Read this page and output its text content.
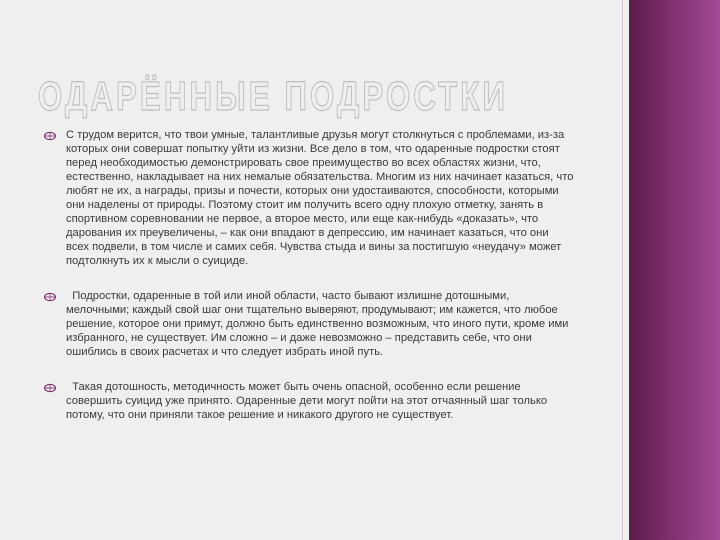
ОДАРЁННЫЕ ПОДРОСТКИ
С трудом верится, что твои умные, талантливые друзья могут столкнуться с проблемами, из-за которых они совершат попытку уйти из жизни. Все дело в том, что одаренные подростки стоят перед необходимостью демонстрировать свое преимущество во всех областях жизни, что, естественно, накладывает на них немалые обязательства. Многим из них начинает казаться, что любят не их, а награды, призы и почести, которых они удостаиваются, способности, которыми они наделены от природы. Поэтому стоит им получить всего одну плохую отметку, занять в спортивном соревновании не первое, а второе место, или еще как-нибудь «доказать», что дарования их преувеличены, – как они впадают в депрессию, им начинает казаться, что они всех подвели, в том числе и самих себя. Чувства стыда и вины за постигшую «неудачу» может подтолкнуть их к мысли о суициде.
Подростки, одаренные в той или иной области, часто бывают излишне дотошными, мелочными; каждый свой шаг они тщательно выверяют, продумывают; им кажется, что любое решение, которое они примут, должно быть единственно возможным, что иного пути, кроме ими избранного, не существует. Им сложно – и даже невозможно – представить себе, что они ошиблись в своих расчетах и что следует избрать иной путь.
Такая дотошность, методичность может быть очень опасной, особенно если решение совершить суицид уже принято. Одаренные дети могут пойти на этот отчаянный шаг только потому, что они приняли такое решение и никакого другого не существует.
